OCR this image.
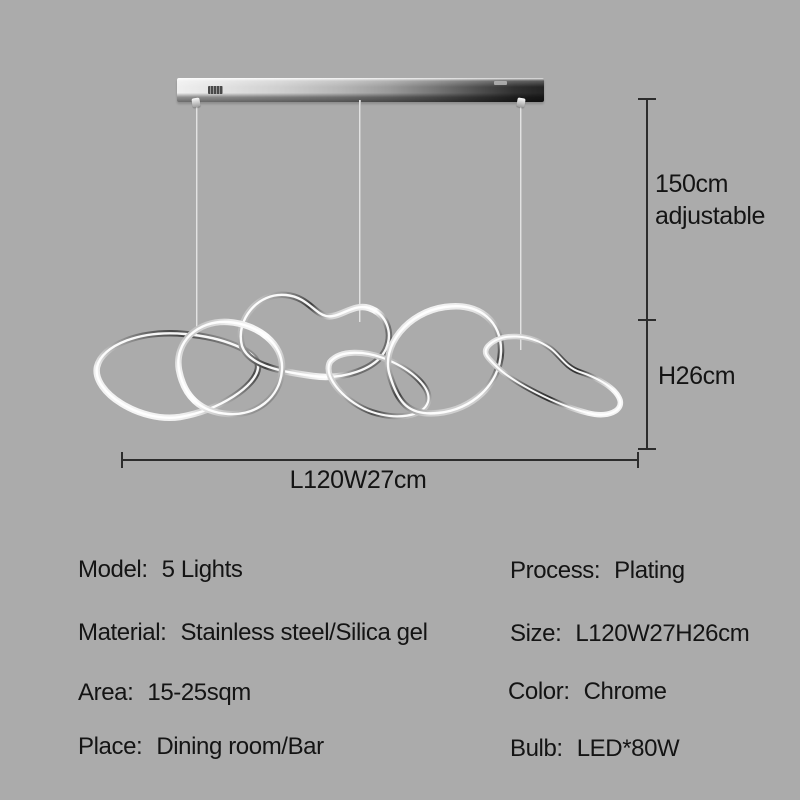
150cm
adjustable
H26cm
L120W27cm
Model: 5 Lights
Material: Stainless steel/Silica gel
Area: 15-25sqm
Place: Dining room/Bar
Process: Plating
Size: L120W27H26cm
Color: Chrome
Bulb: LED*80W
